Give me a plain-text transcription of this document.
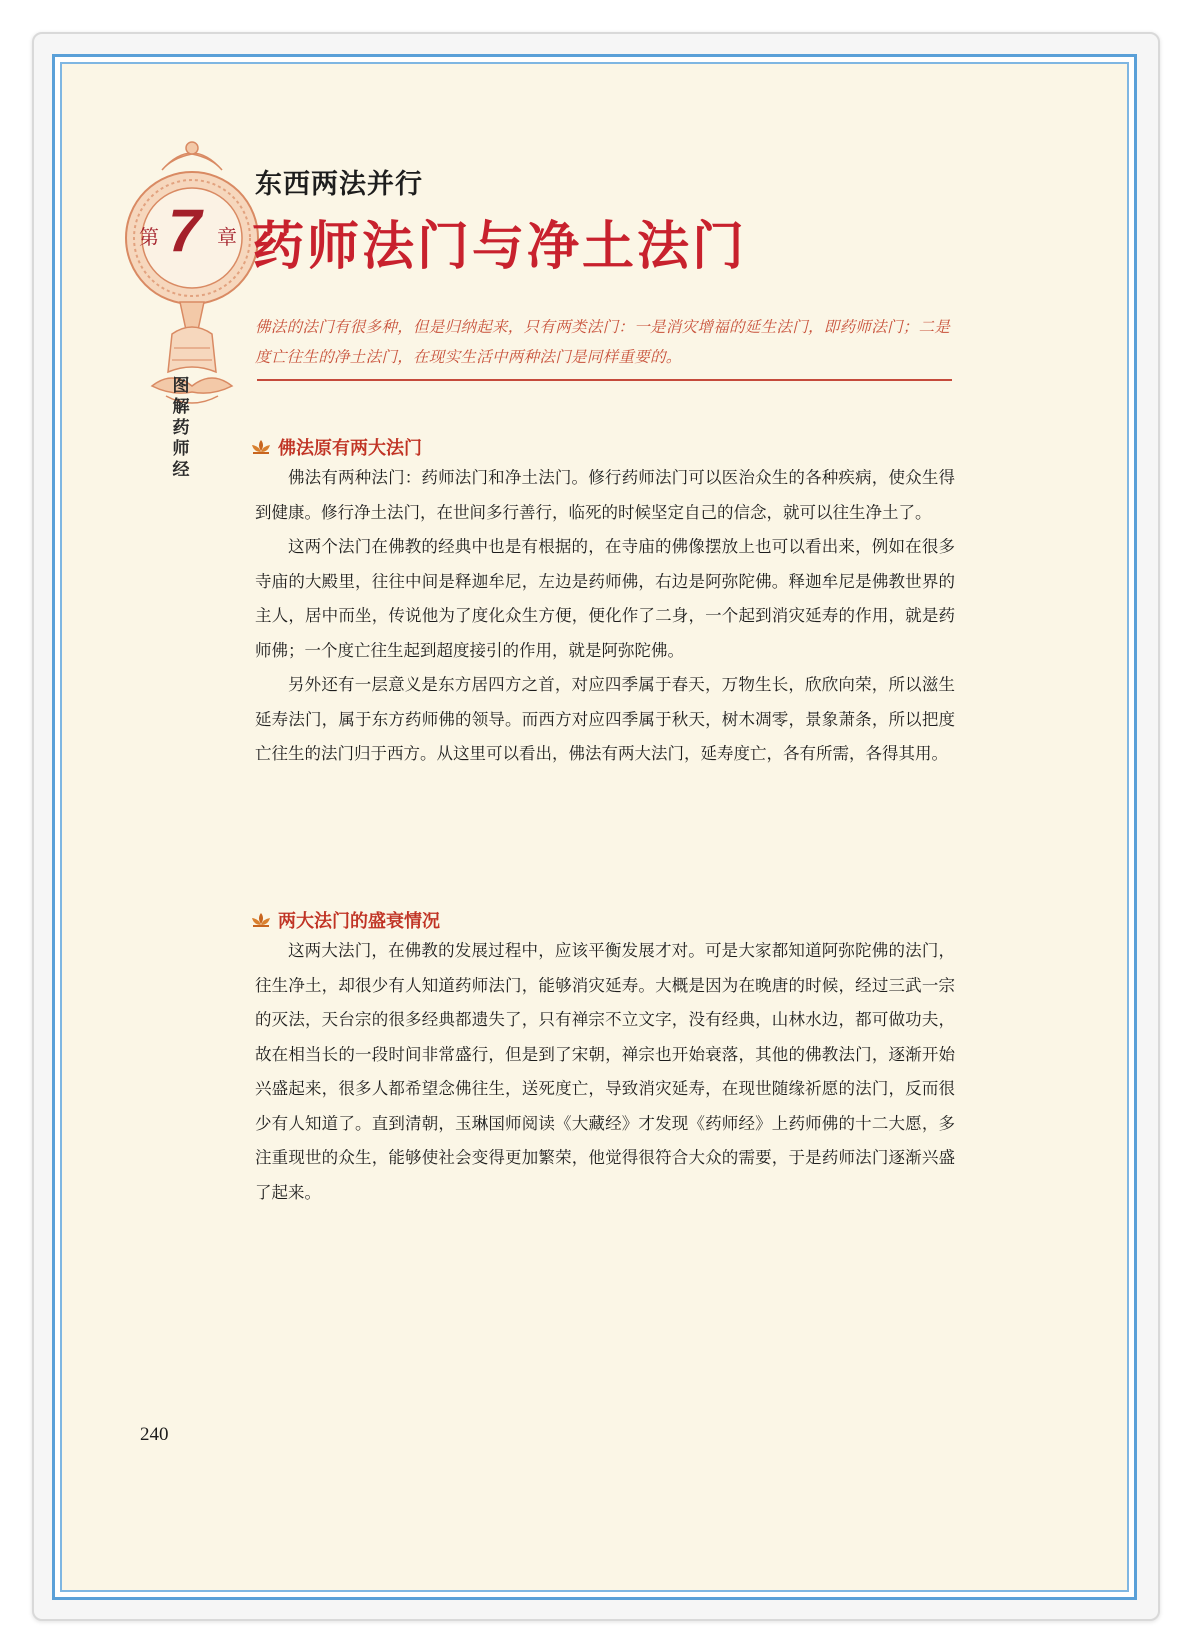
第 7 章
图解药师经
东西两法并行
药师法门与净土法门
佛法的法门有很多种，但是归纳起来，只有两类法门：一是消灾增福的延生法门，即药师法门；二是度亡往生的净土法门，在现实生活中两种法门是同样重要的。
佛法原有两大法门

佛法有两种法门：药师法门和净土法门。修行药师法门可以医治众生的各种疾病，使众生得到健康。修行净土法门，在世间多行善行，临死的时候坚定自己的信念，就可以往生净土了。

这两个法门在佛教的经典中也是有根据的，在寺庙的佛像摆放上也可以看出来，例如在很多寺庙的大殿里，往往中间是释迦牟尼，左边是药师佛，右边是阿弥陀佛。释迦牟尼是佛教世界的主人，居中而坐，传说他为了度化众生方便，便化作了二身，一个起到消灾延寿的作用，就是药师佛；一个度亡往生起到超度接引的作用，就是阿弥陀佛。

另外还有一层意义是东方居四方之首，对应四季属于春天，万物生长，欣欣向荣，所以滋生延寿法门，属于东方药师佛的领导。而西方对应四季属于秋天，树木凋零，景象萧条，所以把度亡往生的法门归于西方。从这里可以看出，佛法有两大法门，延寿度亡，各有所需，各得其用。

两大法门的盛衰情况

这两大法门，在佛教的发展过程中，应该平衡发展才对。可是大家都知道阿弥陀佛的法门，往生净土，却很少有人知道药师法门，能够消灾延寿。大概是因为在晚唐的时候，经过三武一宗的灭法，天台宗的很多经典都遗失了，只有禅宗不立文字，没有经典，山林水边，都可做功夫，故在相当长的一段时间非常盛行，但是到了宋朝，禅宗也开始衰落，其他的佛教法门，逐渐开始兴盛起来，很多人都希望念佛往生，送死度亡，导致消灾延寿，在现世随缘祈愿的法门，反而很少有人知道了。直到清朝，玉琳国师阅读《大藏经》才发现《药师经》上药师佛的十二大愿，多注重现世的众生，能够使社会变得更加繁荣，他觉得很符合大众的需要，于是药师法门逐渐兴盛了起来。

240
